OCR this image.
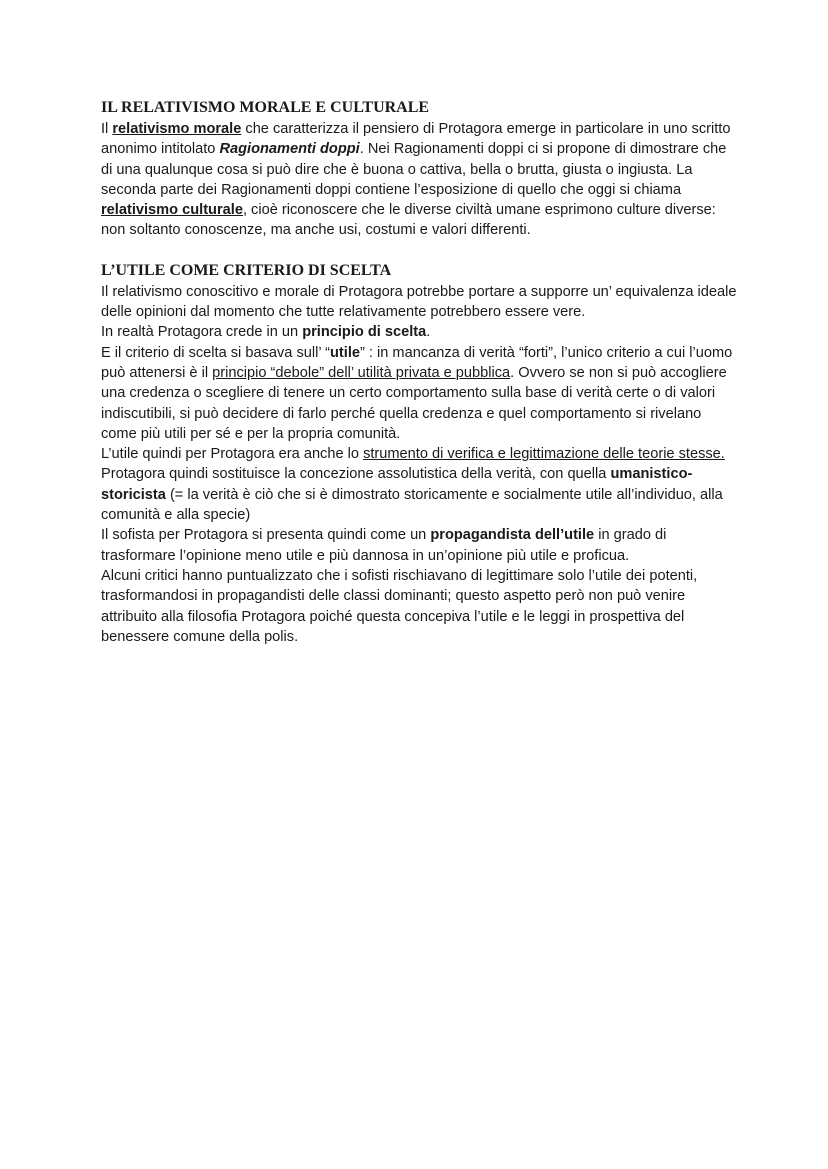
IL RELATIVISMO MORALE E CULTURALE

Il relativismo morale che caratterizza il pensiero di Protagora emerge in particolare in uno scritto anonimo intitolato Ragionamenti doppi. Nei Ragionamenti doppi ci si propone di dimostrare che di una qualunque cosa si può dire che è buona o cattiva, bella o brutta, giusta o ingiusta. La seconda parte dei Ragionamenti doppi contiene l’esposizione di quello che oggi si chiama relativismo culturale, cioè riconoscere che le diverse civiltà umane esprimono culture diverse: non soltanto conoscenze, ma anche usi, costumi e valori differenti.

L’UTILE COME CRITERIO DI SCELTA

Il relativismo conoscitivo e morale di Protagora potrebbe portare a supporre un’ equivalenza ideale delle opinioni dal momento che tutte relativamente potrebbero essere vere.

In realtà Protagora crede in un principio di scelta.

E il criterio di scelta si basava sull’ “utile” : in mancanza di verità “forti”, l’unico criterio a cui l’uomo può attenersi è il principio “debole” dell’ utilità privata e pubblica. Ovvero se non si può accogliere una credenza o scegliere di tenere un certo comportamento sulla base di verità certe o di valori indiscutibili, si può decidere di farlo perché quella credenza e quel comportamento si rivelano come più utili per sé e per la propria comunità.

L’utile quindi per Protagora era anche lo strumento di verifica e legittimazione delle teorie stesse.

Protagora quindi sostituisce la concezione assolutistica della verità, con quella umanistico-storicista (= la verità è ciò che si è dimostrato storicamente e socialmente utile all’individuo, alla comunità e alla specie)

Il sofista per Protagora si presenta quindi come un propagandista dell’utile in grado di trasformare l’opinione meno utile e più dannosa in un’opinione più utile e proficua.

Alcuni critici hanno puntualizzato che i sofisti rischiavano di legittimare solo l’utile dei potenti, trasformandosi in propagandisti delle classi dominanti; questo aspetto però non può venire attribuito alla filosofia Protagora poiché questa concepiva l’utile e le leggi in prospettiva del benessere comune della polis.
